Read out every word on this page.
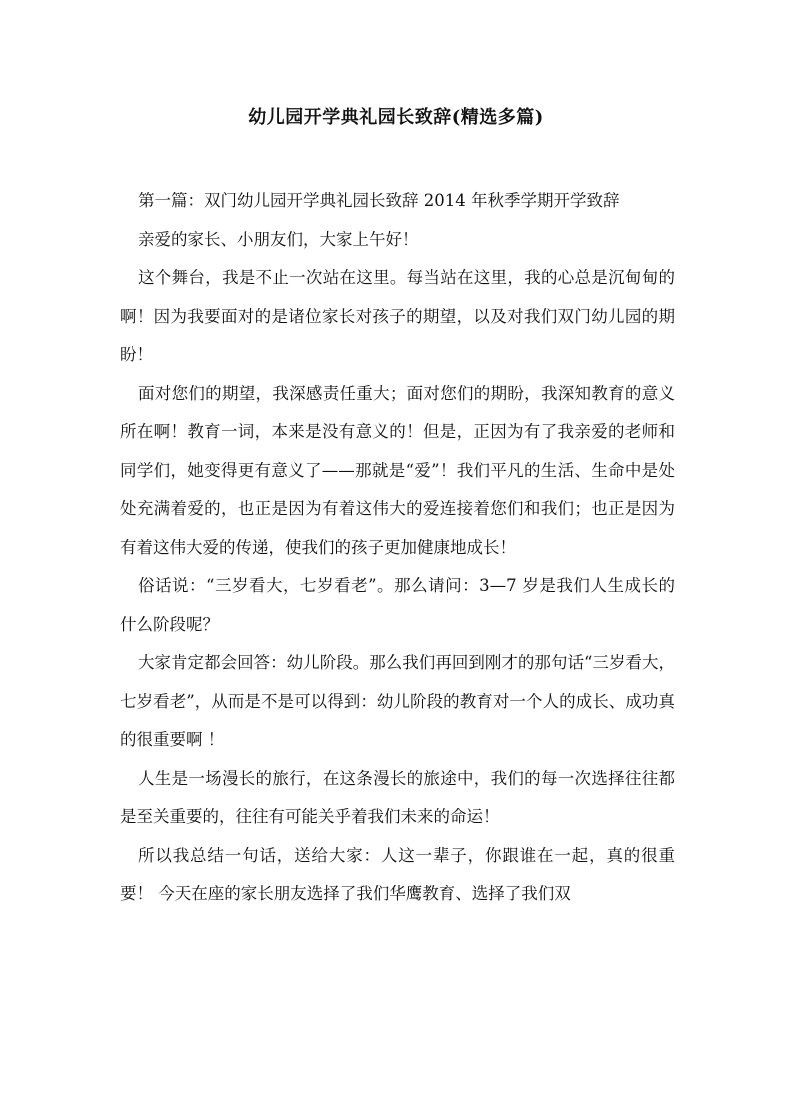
幼儿园开学典礼园长致辞(精选多篇)

第一篇：双门幼儿园开学典礼园长致辞 2014 年秋季学期开学致辞

亲爱的家长、小朋友们，大家上午好！

这个舞台，我是不止一次站在这里。每当站在这里，我的心总是沉甸甸的啊！因为我要面对的是诸位家长对孩子的期望，以及对我们双门幼儿园的期盼！

面对您们的期望，我深感责任重大；面对您们的期盼，我深知教育的意义所在啊！教育一词，本来是没有意义的！但是，正因为有了我亲爱的老师和同学们，她变得更有意义了——那就是“爱”！我们平凡的生活、生命中是处处充满着爱的，也正是因为有着这伟大的爱连接着您们和我们；也正是因为有着这伟大爱的传递，使我们的孩子更加健康地成长！

俗话说：“三岁看大，七岁看老”。那么请问：3—7 岁是我们人生成长的什么阶段呢？

大家肯定都会回答：幼儿阶段。那么我们再回到刚才的那句话“三岁看大，七岁看老”，从而是不是可以得到：幼儿阶段的教育对一个人的成长、成功真的很重要啊 ！

人生是一场漫长的旅行，在这条漫长的旅途中，我们的每一次选择往往都是至关重要的，往往有可能关乎着我们未来的命运！

所以我总结一句话，送给大家：人这一辈子，你跟谁在一起，真的很重要！ 今天在座的家长朋友选择了我们华鹰教育、选择了我们双
